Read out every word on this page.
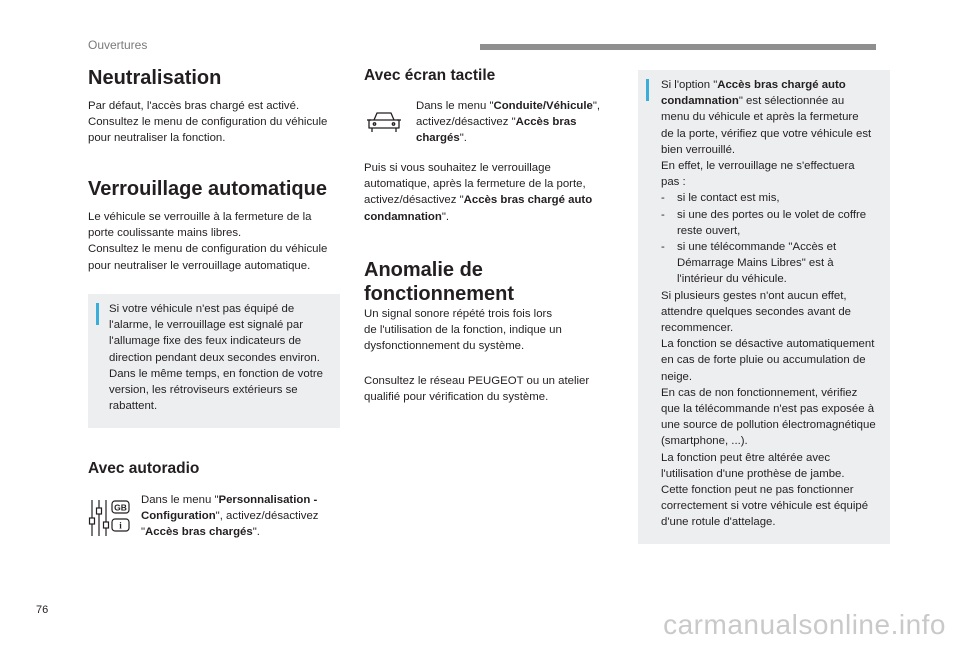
Ouvertures
Neutralisation

Par défaut, l'accès bras chargé est activé.

Consultez le menu de configuration du véhicule

pour neutraliser la fonction.

Verrouillage automatique

Le véhicule se verrouille à la fermeture de la

porte coulissante mains libres.

Consultez le menu de configuration du véhicule

pour neutraliser le verrouillage automatique.

Si votre véhicule n'est pas équipé de
l'alarme, le verrouillage est signalé par
l'allumage fixe des feux indicateurs de
direction pendant deux secondes environ.
Dans le même temps, en fonction de votre
version, les rétroviseurs extérieurs se
rabattent.
Avec autoradio
GB
i
Dans le menu "Personnalisation -
Configuration", activez/désactivez
"Accès bras chargés".
Avec écran tactile
Dans le menu "Conduite/Véhicule",
activez/désactivez "Accès bras
chargés".
Puis si vous souhaitez le verrouillage
automatique, après la fermeture de la porte,
activez/désactivez "Accès bras chargé auto
condamnation".
Anomalie de
fonctionnement

Un signal sonore répété trois fois lors

de l'utilisation de la fonction, indique un

dysfonctionnement du système.

Consultez le réseau PEUGEOT ou un atelier

qualifié pour vérification du système.

Si l'option "Accès bras chargé auto
condamnation" est sélectionnée au
menu du véhicule et après la fermeture
de la porte, vérifiez que votre véhicule est
bien verrouillé.
En effet, le verrouillage ne s'effectuera
pas :
-	si le contact est mis,
-	si une des portes ou le volet de coffre
reste ouvert,
-	si une télécommande "Accès et
Démarrage Mains Libres" est à
l'intérieur du véhicule.
Si plusieurs gestes n'ont aucun effet,
attendre quelques secondes avant de
recommencer.
La fonction se désactive automatiquement
en cas de forte pluie ou accumulation de
neige.
En cas de non fonctionnement, vérifiez
que la télécommande n'est pas exposée à
une source de pollution électromagnétique
(smartphone, ...).
La fonction peut être altérée avec
l'utilisation d'une prothèse de jambe.
Cette fonction peut ne pas fonctionner
correctement si votre véhicule est équipé
d'une rotule d'attelage.
76	carmanualsonline.info
